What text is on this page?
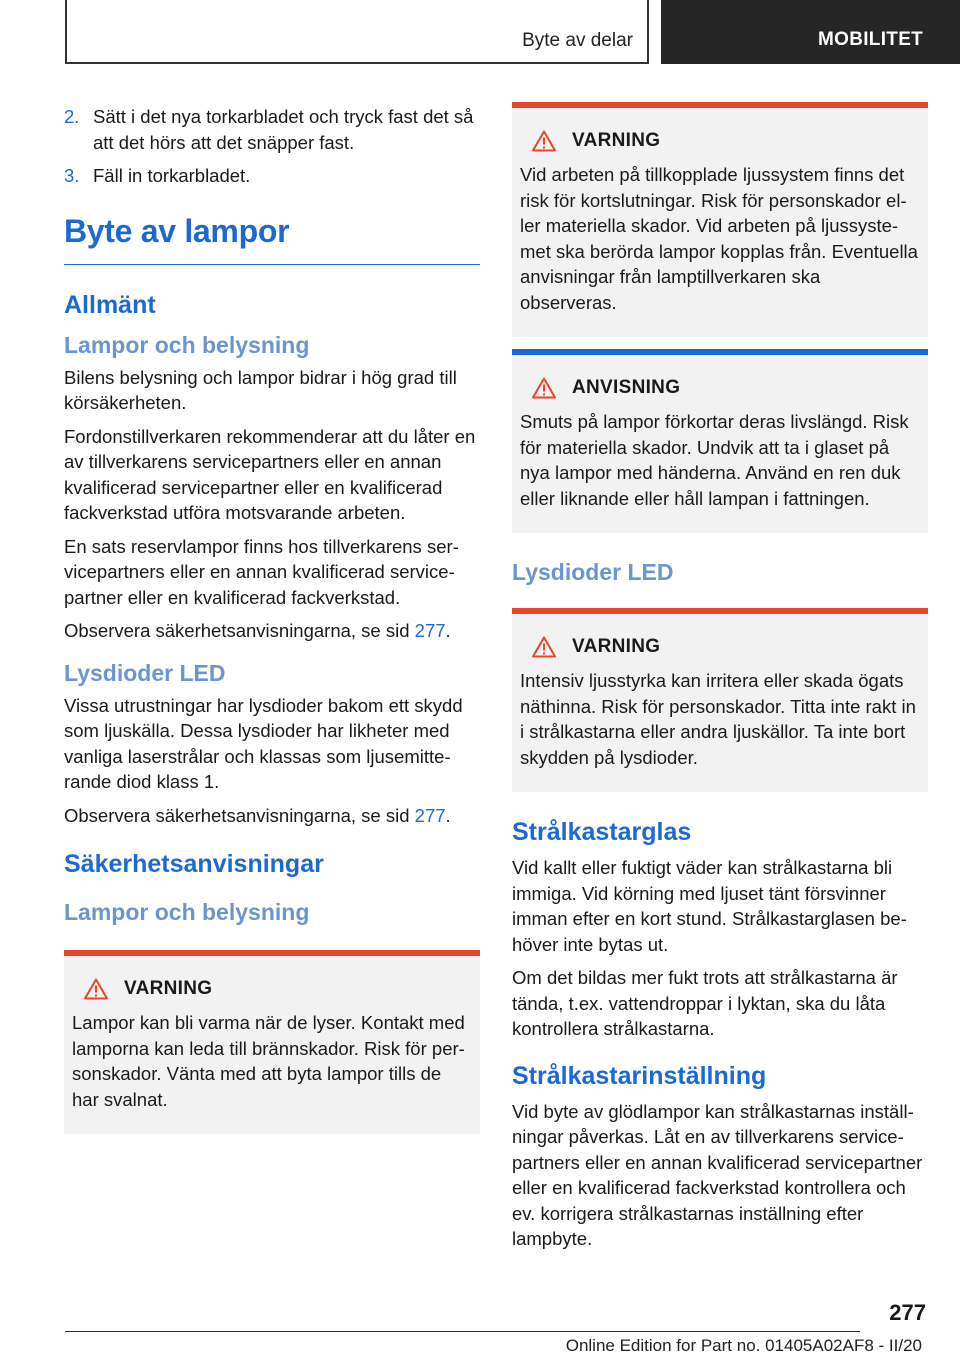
Byte av delar	MOBILITET
2. Sätt i det nya torkarbladet och tryck fast det så att det hörs att det snäpper fast.
3. Fäll in torkarbladet.
Byte av lampor
Allmänt
Lampor och belysning

Bilens belysning och lampor bidrar i hög grad till körsäkerheten.

Fordonstillverkaren rekommenderar att du låter en av tillverkarens servicepartners eller en annan kvalificerad servicepartner eller en kvalificerad fackverkstad utföra motsvarande arbeten.

En sats reservlampor finns hos tillverkarens servicepartners eller en annan kvalificerad servicepartner eller en kvalificerad fackverkstad.

Observera säkerhetsanvisningarna, se sid 277.

Lysdioder LED

Vissa utrustningar har lysdioder bakom ett skydd som ljuskälla. Dessa lysdioder har likheter med vanliga laserstrålar och klassas som ljusemitterande diod klass 1.

Observera säkerhetsanvisningarna, se sid 277.

Säkerhetsanvisningar
Lampor och belysning
VARNING

Lampor kan bli varma när de lyser. Kontakt med lamporna kan leda till brännskador. Risk för personskador. Vänta med att byta lampor tills de har svalnat.

VARNING

Vid arbeten på tillkopplade ljussystem finns det risk för kortslutningar. Risk för personskador eller materiella skador. Vid arbeten på ljussystemet ska berörda lampor kopplas från. Eventuella anvisningar från lamptillverkaren ska observeras.

ANVISNING

Smuts på lampor förkortar deras livslängd. Risk för materiella skador. Undvik att ta i glaset på nya lampor med händerna. Använd en ren duk eller liknande eller håll lampan i fattningen.

Lysdioder LED
VARNING

Intensiv ljusstyrka kan irritera eller skada ögats näthinna. Risk för personskador. Titta inte rakt in i strålkastarna eller andra ljuskällor. Ta inte bort skydden på lysdioder.

Strålkastarglas

Vid kallt eller fuktigt väder kan strålkastarna bli immiga. Vid körning med ljuset tänt försvinner imman efter en kort stund. Strålkastarglasen behöver inte bytas ut.

Om det bildas mer fukt trots att strålkastarna är tända, t.ex. vattendroppar i lyktan, ska du låta kontrollera strålkastarna.

Strålkastarinställning

Vid byte av glödlampor kan strålkastarnas inställningar påverkas. Låt en av tillverkarens servicepartners eller en annan kvalificerad servicepartner eller en kvalificerad fackverkstad kontrollera och ev. korrigera strålkastarnas inställning efter lampbyte.

277
Online Edition for Part no. 01405A02AF8 - II/20
